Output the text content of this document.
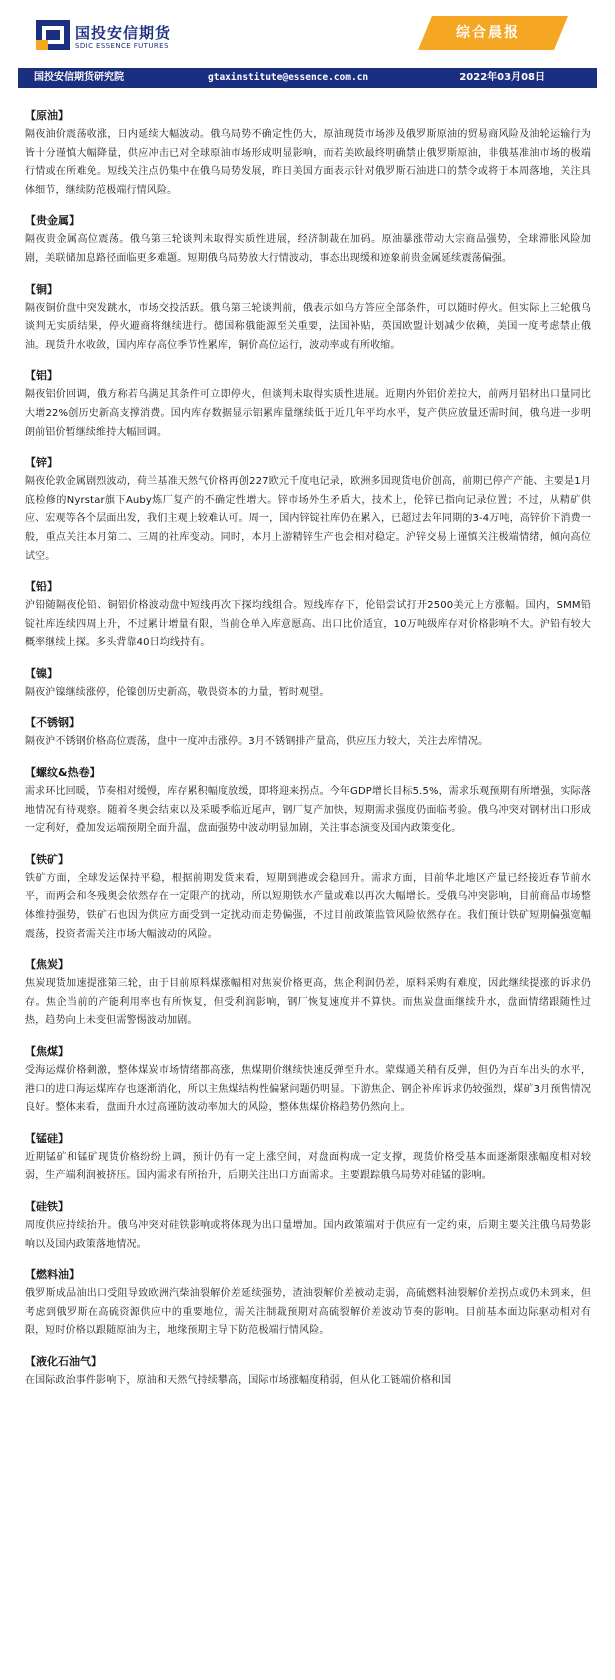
国投安信期货
SDIC ESSENCE FUTURES
综合晨报
国投安信期货研究院	gtaxinstitute@essence.com.cn	2022年03月08日
【原油】

隔夜油价震荡收涨，日内延续大幅波动。俄乌局势不确定性仍大，原油现货市场涉及俄罗斯原油的贸易商风险及油轮运输行为皆十分谨慎大幅降量，供应冲击已对全球原油市场形成明显影响，而若美欧最终明确禁止俄罗斯原油，非俄基准油市场的极端行情或在所难免。短线关注点仍集中在俄乌局势发展，昨日美国方面表示针对俄罗斯石油进口的禁令或将于本周落地，关注具体细节，继续防范极端行情风险。

【贵金属】

隔夜贵金属高位震荡。俄乌第三轮谈判未取得实质性进展，经济制裁在加码。原油暴涨带动大宗商品强势，全球滞胀风险加剧，美联储加息路径面临更多难题。短期俄乌局势放大行情波动，事态出现缓和迹象前贵金属延续震荡偏强。

【铜】

隔夜铜价盘中突发跳水，市场交投活跃。俄乌第三轮谈判前，俄表示如乌方答应全部条件，可以随时停火。但实际上三轮俄乌谈判无实质结果，停火避商将继续进行。德国称俄能源至关重要，法国补贴，英国欧盟计划减少依赖，美国一度考虑禁止俄油。现货升水收敛，国内库存高位季节性累库，铜价高位运行，波动率或有所收缩。

【铝】

隔夜铝价回调，俄方称若乌满足其条件可立即停火，但谈判未取得实质性进展。近期内外铝价差拉大，前两月铝材出口量同比大增22%创历史新高支撑消费。国内库存数据显示铝累库量继续低于近几年平均水平，复产供应放量还需时间，俄乌进一步明朗前铝价暂继续维持大幅回调。

【锌】

隔夜伦敦金属剧烈波动，荷兰基准天然气价格再创227欧元千度电记录，欧洲多国现货电价创高，前期已停产产能、主要是1月底检修的Nyrstar旗下Auby炼厂复产的不确定性增大。锌市场外生矛盾大，技术上，伦锌已指向记录位置；不过，从精矿供应、宏观等各个层面出发，我们主观上较难认可。周一，国内锌锭社库仍在累入，已超过去年同期的3-4万吨，高锌价下消费一般，重点关注本月第二、三周的社库变动。同时，本月上游精锌生产也会相对稳定。沪锌交易上谨慎关注极端情绪，倾向高位试空。

【铅】

沪铅随隔夜伦铅、铜铝价格波动盘中短线再次下探均线组合。短线库存下，伦铅尝试打开2500美元上方涨幅。国内，SMM铅锭社库连续四周上升，不过累计增量有限，当前仓单入库意愿高、出口比价适宜，10万吨级库存对价格影响不大。沪铅有较大概率继续上探。多头背靠40日均线持有。

【镍】

隔夜沪镍继续涨停，伦镍创历史新高，敬畏资本的力量，暂时观望。

【不锈钢】

隔夜沪不锈钢价格高位震荡，盘中一度冲击涨停。3月不锈钢排产量高，供应压力较大，关注去库情况。

【螺纹&热卷】

需求环比回暖，节奏相对缓慢，库存累积幅度放缓，即将迎来拐点。今年GDP增长目标5.5%，需求乐观预期有所增强，实际落地情况有待观察。随着冬奥会结束以及采暖季临近尾声，钢厂复产加快，短期需求强度仍面临考验。俄乌冲突对钢材出口形成一定利好，叠加发运端预期全面升温，盘面强势中波动明显加剧，关注事态演变及国内政策变化。

【铁矿】

铁矿方面，全球发运保持平稳，根据前期发货来看，短期到港或会稳回升。需求方面，目前华北地区产量已经接近春节前水平，而两会和冬残奥会依然存在一定限产的扰动，所以短期铁水产量或难以再次大幅增长。受俄乌冲突影响，目前商品市场整体维持强势，铁矿石也因为供应方面受到一定扰动而走势偏强，不过目前政策监管风险依然存在。我们预计铁矿短期偏强宽幅震荡，投资者需关注市场大幅波动的风险。

【焦炭】

焦炭现货加速提涨第三轮，由于目前原料煤涨幅相对焦炭价格更高，焦企利润仍差，原料采购有难度，因此继续提涨的诉求仍存。焦企当前的产能利用率也有所恢复，但受利润影响，钢厂恢复速度并不算快。而焦炭盘面继续升水，盘面情绪跟随性过热，趋势向上未变但需警惕波动加剧。

【焦煤】

受海运煤价格刺激，整体煤炭市场情绪都高涨，焦煤期价继续快速反弹至升水。蒙煤通关稍有反弹，但仍为百车出头的水平，港口的进口海运煤库存也逐渐消化，所以主焦煤结构性偏紧问题仍明显。下游焦企、钢企补库诉求仍较强烈，煤矿3月预售情况良好。整体来看，盘面升水过高谨防波动率加大的风险，整体焦煤价格趋势仍然向上。

【锰硅】

近期锰矿和锰矿现货价格纷纷上调，预计仍有一定上涨空间，对盘面构成一定支撑，现货价格受基本面逐渐限涨幅度相对较弱，生产端利润被挤压。国内需求有所抬升，后期关注出口方面需求。主要跟踪俄乌局势对硅锰的影响。

【硅铁】

周度供应持续抬升。俄乌冲突对硅铁影响或将体现为出口量增加。国内政策端对于供应有一定约束，后期主要关注俄乌局势影响以及国内政策落地情况。

【燃料油】

俄罗斯成品油出口受阻导致欧洲汽柴油裂解价差延续强势，渣油裂解价差被动走弱，高硫燃料油裂解价差拐点或仍未到来，但考虑到俄罗斯在高硫资源供应中的重要地位，需关注制裁预期对高硫裂解价差波动节奏的影响。目前基本面边际驱动相对有限，短时价格以跟随原油为主，地缘预期主导下防范极端行情风险。

【液化石油气】

在国际政治事件影响下，原油和天然气持续攀高，国际市场涨幅度稍弱，但从化工链端价格和国
